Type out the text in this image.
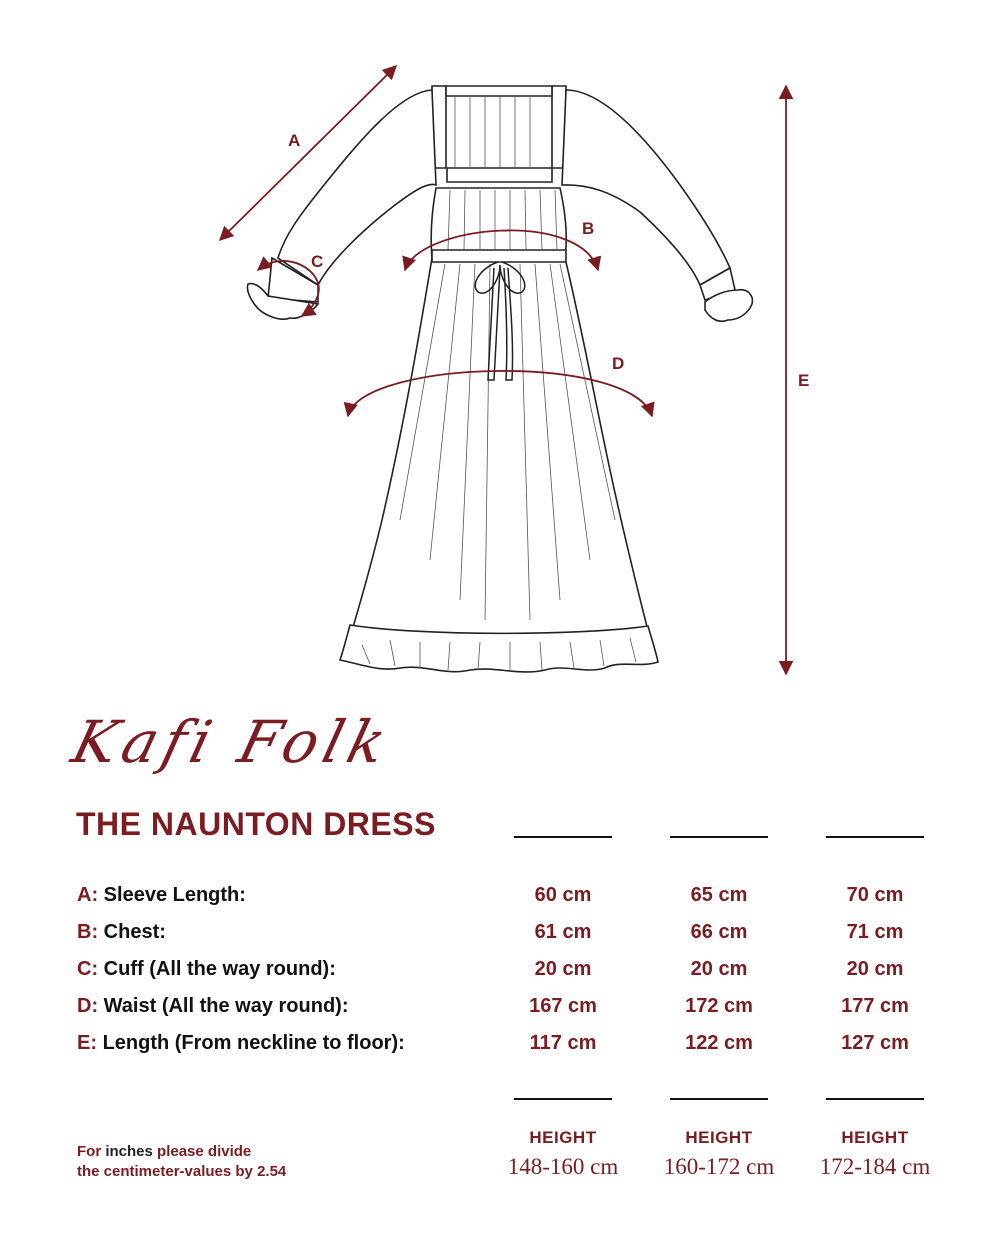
A
B
C
D
E
Kafi Folk
THE NAUNTON DRESS
A: Sleeve Length:	60 cm	65 cm	70 cm
B: Chest:	61 cm	66 cm	71 cm
C: Cuff (All the way round):	20 cm	20 cm	20 cm
D: Waist (All the way round):	167 cm	172 cm	177 cm
E: Length (From neckline to floor):	117 cm	122 cm	127 cm
HEIGHT	HEIGHT	HEIGHT
148-160 cm	160-172 cm	172-184 cm
For inches please divide
the centimeter-values by 2.54
